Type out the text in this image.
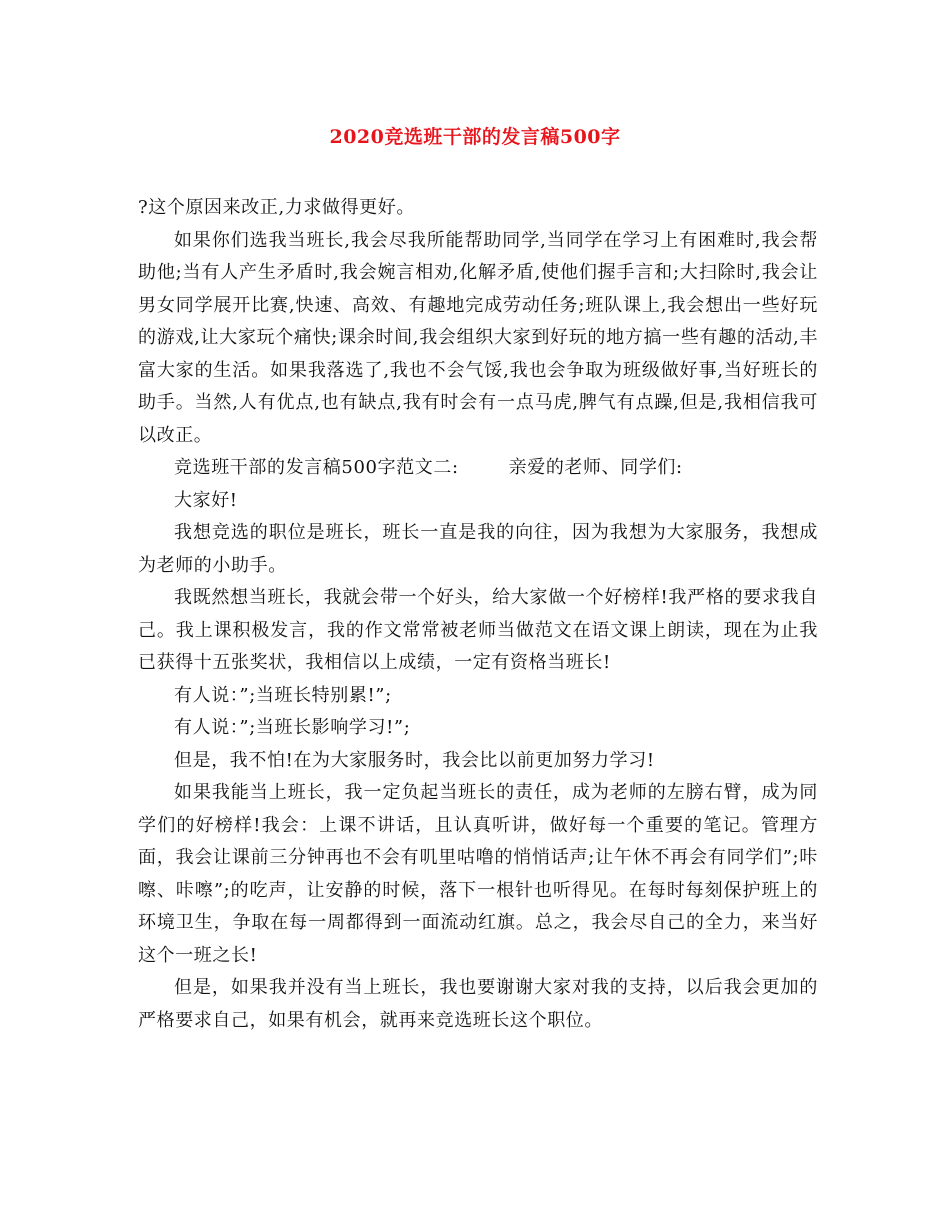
2020竞选班干部的发言稿500字

?这个原因来改正,力求做得更好。

如果你们选我当班长,我会尽我所能帮助同学,当同学在学习上有困难时,我会帮助他;当有人产生矛盾时,我会婉言相劝,化解矛盾,使他们握手言和;大扫除时,我会让男女同学展开比赛,快速、高效、有趣地完成劳动任务;班队课上,我会想出一些好玩的游戏,让大家玩个痛快;课余时间,我会组织大家到好玩的地方搞一些有趣的活动,丰富大家的生活。如果我落选了,我也不会气馁,我也会争取为班级做好事,当好班长的助手。当然,人有优点,也有缺点,我有时会有一点马虎,脾气有点躁,但是,我相信我可以改正。

竞选班干部的发言稿500字范文二:	亲爱的老师、同学们:

大家好!

我想竞选的职位是班长，班长一直是我的向往，因为我想为大家服务，我想成为老师的小助手。

我既然想当班长，我就会带一个好头，给大家做一个好榜样!我严格的要求我自己。我上课积极发言，我的作文常常被老师当做范文在语文课上朗读，现在为止我已获得十五张奖状，我相信以上成绩，一定有资格当班长!

有人说：”;当班长特别累!”;

有人说：”;当班长影响学习!”;

但是，我不怕!在为大家服务时，我会比以前更加努力学习!

如果我能当上班长，我一定负起当班长的责任，成为老师的左膀右臂，成为同学们的好榜样!我会：上课不讲话，且认真听讲，做好每一个重要的笔记。管理方面，我会让课前三分钟再也不会有叽里咕噜的悄悄话声;让午休不再会有同学们”;咔嚓、咔嚓”;的吃声，让安静的时候，落下一根针也听得见。在每时每刻保护班上的环境卫生，争取在每一周都得到一面流动红旗。总之，我会尽自己的全力，来当好这个一班之长!

但是，如果我并没有当上班长，我也要谢谢大家对我的支持，以后我会更加的严格要求自己，如果有机会，就再来竞选班长这个职位。
